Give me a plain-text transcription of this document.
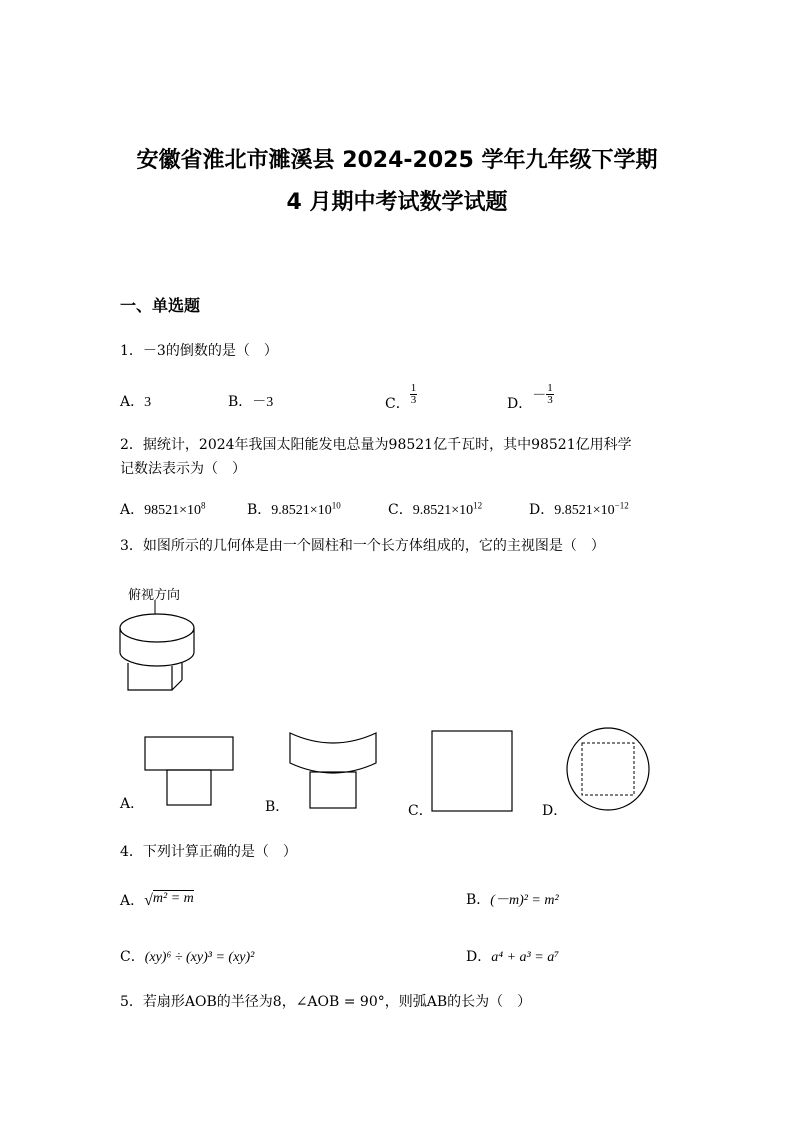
安徽省淮北市濉溪县 2024-2025 学年九年级下学期
4 月期中考试数学试题
一、单选题
1．－3的倒数的是（　）
A．3	B．－3	C． $\frac{1}{3}$	D．－ $\frac{1}{3}$
2．据统计，2024年我国太阳能发电总量为98521亿千瓦时，其中98521亿用科学
记数法表示为（　）
A．$98521\times 10^8$	B．$9.8521\times 10^{10}$	C．$9.8521\times 10^{12}$	D．$9.8521\times 10^{-12}$
3．如图所示的几何体是由一个圆柱和一个长方体组成的，它的主视图是（　）
俯视方向
A．	B．	C．	D．
4．下列计算正确的是（　）
A．√m² = m	B．(－m)² = m²
C．(xy)⁶ ÷ (xy)³ = (xy)²	D．a⁴ + a³ = a⁷
5．若扇形AOB的半径为8，∠AOB = 90°，则弧AB的长为（　）
